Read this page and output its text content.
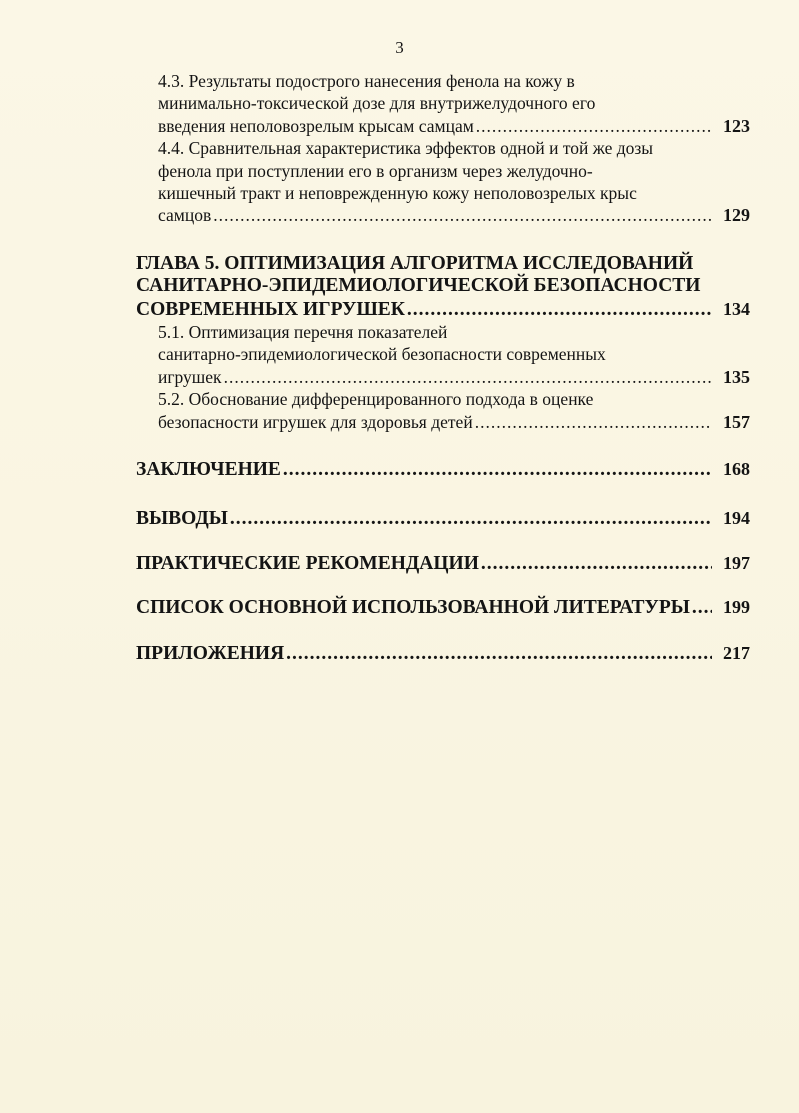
3
4.3. Результаты подострого нанесения фенола на кожу в
минимально-токсической дозе для внутрижелудочного его
введения неполовозрелым крысам самцам .....	123
4.4. Сравнительная характеристика эффектов одной и той же дозы
фенола при поступлении его в организм через желудочно-
кишечный тракт и неповрежденную кожу неполовозрелых крыс
самцов .....	129
ГЛАВА 5. ОПТИМИЗАЦИЯ АЛГОРИТМА ИССЛЕДОВАНИЙ
САНИТАРНО-ЭПИДЕМИОЛОГИЧЕСКОЙ БЕЗОПАСНОСТИ
СОВРЕМЕННЫХ ИГРУШЕК .....	134
5.1. Оптимизация перечня показателей
санитарно-эпидемиологической безопасности современных
игрушек .....	135
5.2. Обоснование дифференцированного подхода в оценке
безопасности игрушек для здоровья детей .....	157
ЗАКЛЮЧЕНИЕ .....	168
ВЫВОДЫ .....	194
ПРАКТИЧЕСКИЕ РЕКОМЕНДАЦИИ .....	197
СПИСОК ОСНОВНОЙ ИСПОЛЬЗОВАННОЙ ЛИТЕРАТУРЫ ..... 199
ПРИЛОЖЕНИЯ .....	217
